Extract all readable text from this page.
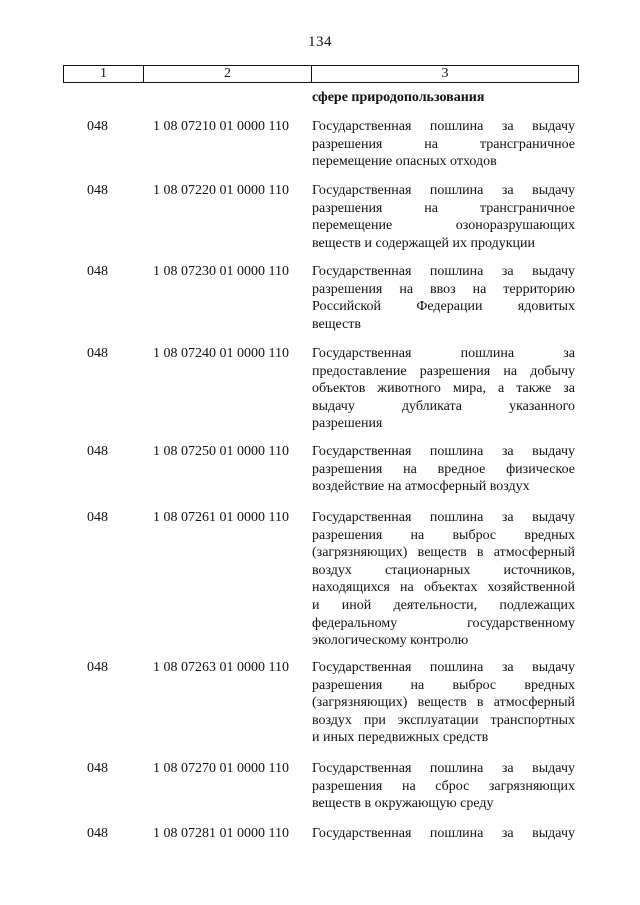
134
1	2	3
сфере природопользования
048	1 08 07210 01 0000 110	Государственная пошлина за выдачу
разрешения на трансграничное
перемещение опасных отходов
048	1 08 07220 01 0000 110	Государственная пошлина за выдачу
разрешения на трансграничное
перемещение озоноразрушающих
веществ и содержащей их продукции
048	1 08 07230 01 0000 110	Государственная пошлина за выдачу
разрешения на ввоз на территорию
Российской Федерации ядовитых
веществ
048	1 08 07240 01 0000 110	Государственная пошлина за
предоставление разрешения на добычу
объектов животного мира, а также за
выдачу дубликата указанного
разрешения
048	1 08 07250 01 0000 110	Государственная пошлина за выдачу
разрешения на вредное физическое
воздействие на атмосферный воздух
048	1 08 07261 01 0000 110	Государственная пошлина за выдачу
разрешения на выброс вредных
(загрязняющих) веществ в атмосферный
воздух стационарных источников,
находящихся на объектах хозяйственной
и иной деятельности, подлежащих
федеральному государственному
экологическому контролю
048	1 08 07263 01 0000 110	Государственная пошлина за выдачу
разрешения на выброс вредных
(загрязняющих) веществ в атмосферный
воздух при эксплуатации транспортных
и иных передвижных средств
048	1 08 07270 01 0000 110	Государственная пошлина за выдачу
разрешения на сброс загрязняющих
веществ в окружающую среду
048	1 08 07281 01 0000 110	Государственная пошлина за выдачу
